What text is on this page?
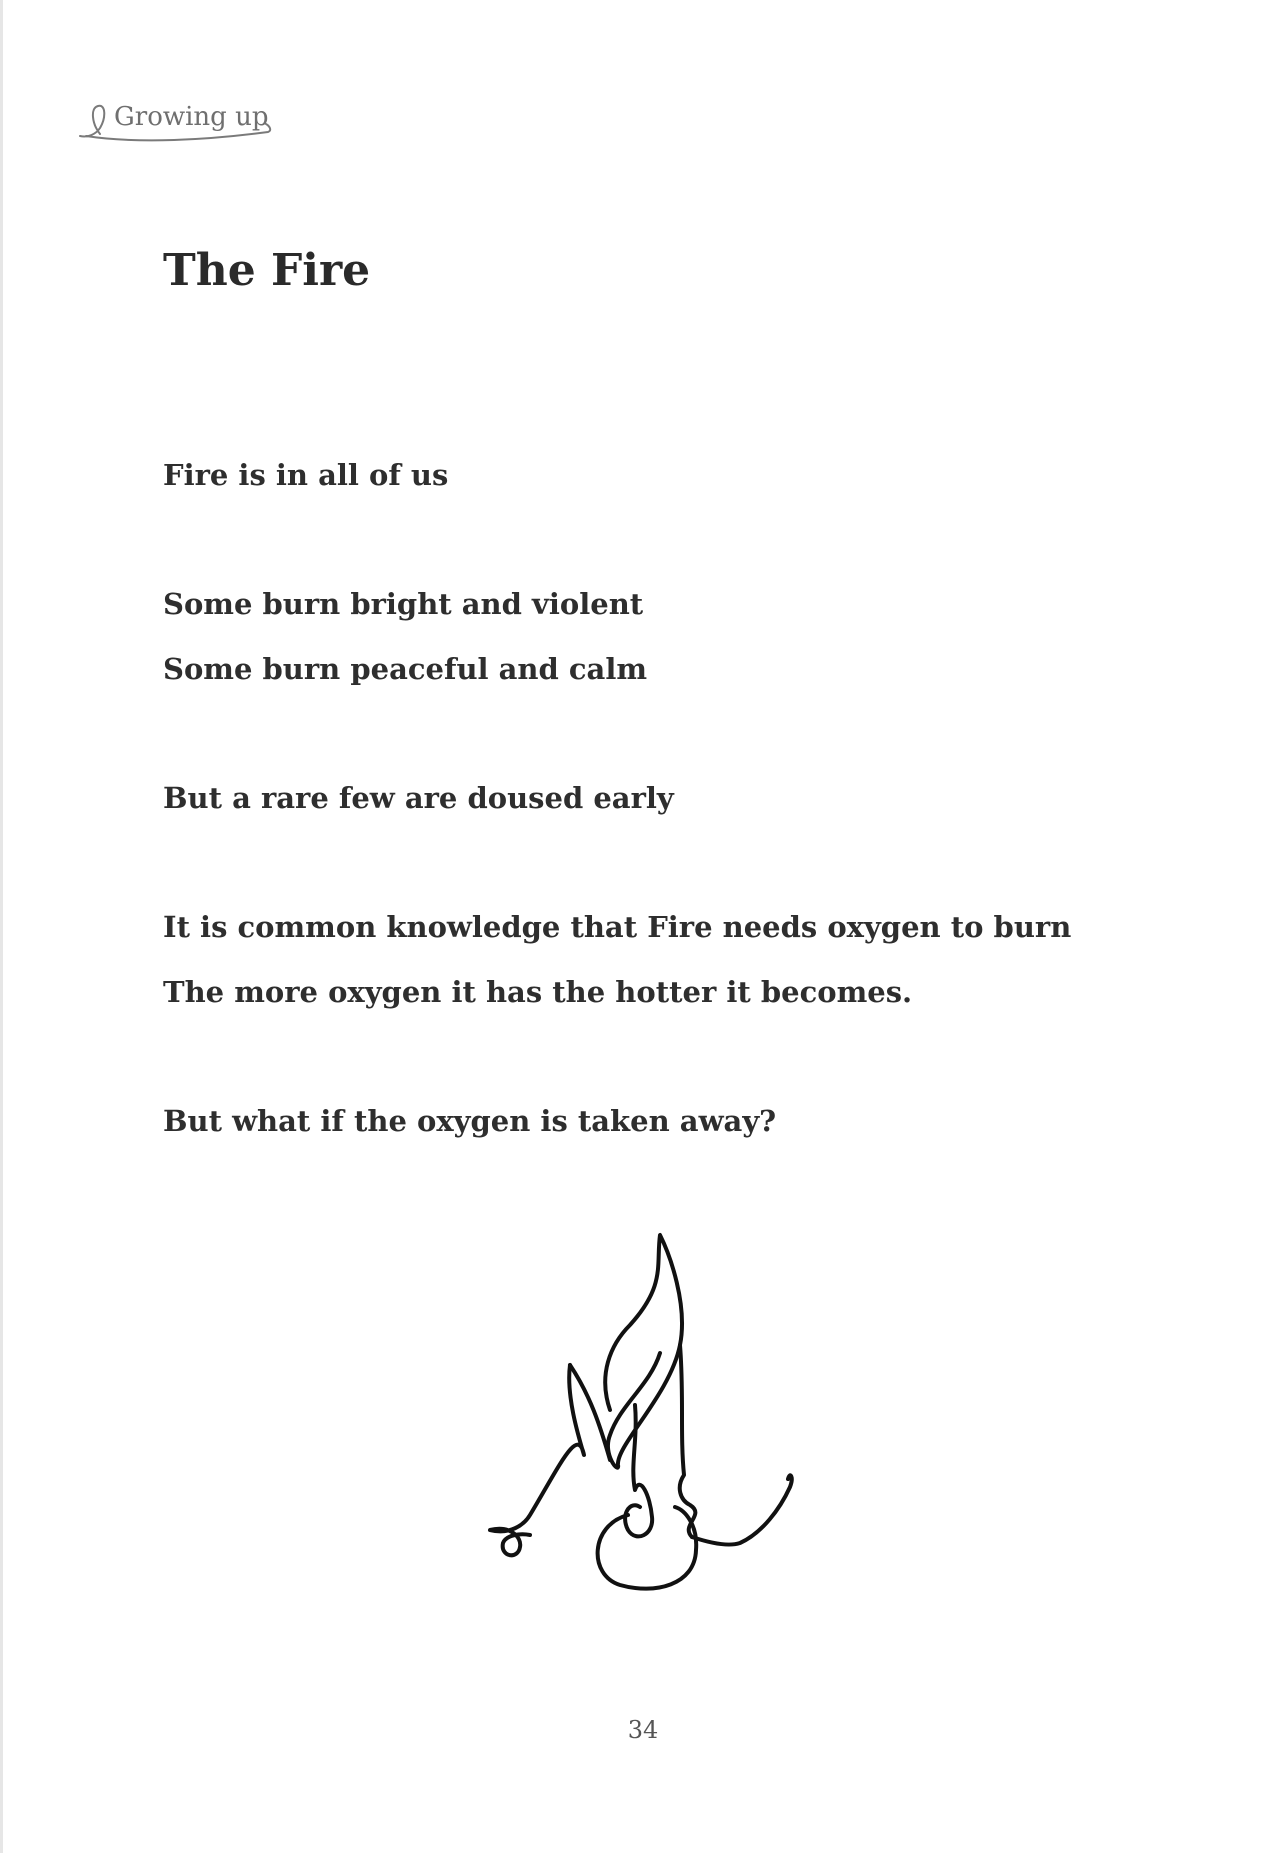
Growing up
The Fire

Fire is in all of us

Some burn bright and violent

Some burn peaceful and calm

But a rare few are doused early

It is common knowledge that Fire needs oxygen to burn

The more oxygen it has the hotter it becomes.

But what if the oxygen is taken away?

34
